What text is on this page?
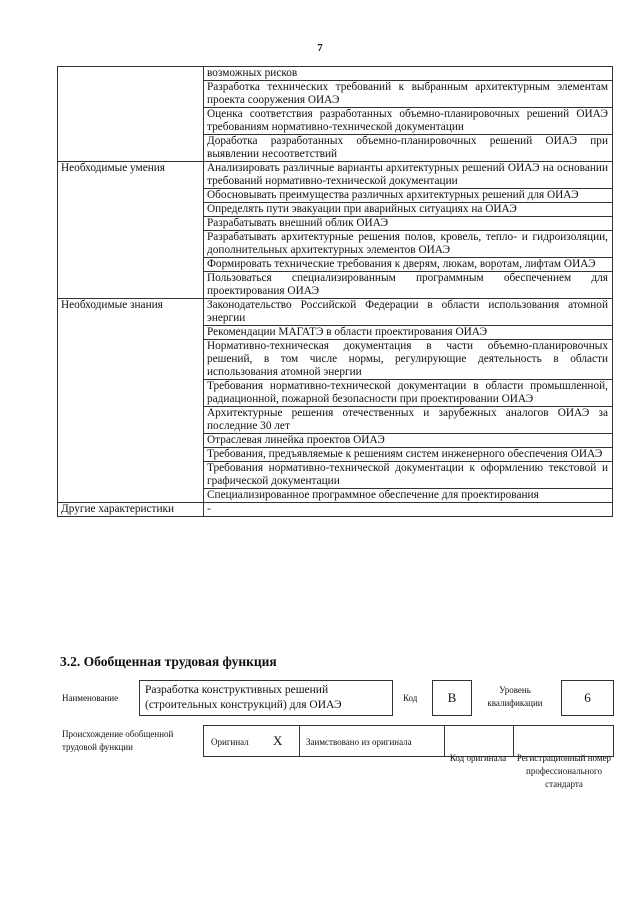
7
	возможных рисков
	Разработка технических требований к выбранным архитектурным элементам проекта сооружения ОИАЭ
	Оценка соответствия разработанных объемно-планировочных решений ОИАЭ требованиям нормативно-технической документации
	Доработка разработанных объемно-планировочных решений ОИАЭ при выявлении несоответствий
Необходимые умения	Анализировать различные варианты архитектурных решений ОИАЭ на основании требований нормативно-технической документации
	Обосновывать преимущества различных архитектурных решений для ОИАЭ
	Определять пути эвакуации при аварийных ситуациях на ОИАЭ
	Разрабатывать внешний облик ОИАЭ
	Разрабатывать архитектурные решения полов, кровель, тепло- и гидроизоляции, дополнительных архитектурных элементов ОИАЭ
	Формировать технические требования к дверям, люкам, воротам, лифтам ОИАЭ
	Пользоваться специализированным программным обеспечением для проектирования ОИАЭ
Необходимые знания	Законодательство Российской Федерации в области использования атомной энергии
	Рекомендации МАГАТЭ в области проектирования ОИАЭ
	Нормативно-техническая документация в части объемно-планировочных решений, в том числе нормы, регулирующие деятельность в области использования атомной энергии
	Требования нормативно-технической документации в области промышленной, радиационной, пожарной безопасности при проектировании ОИАЭ
	Архитектурные решения отечественных и зарубежных аналогов ОИАЭ за последние 30 лет
	Отраслевая линейка проектов ОИАЭ
	Требования, предъявляемые к решениям систем инженерного обеспечения ОИАЭ
	Требования нормативно-технической документации к оформлению текстовой и графической документации
	Специализированное программное обеспечение для проектирования
Другие характеристики	-
3.2. Обобщенная трудовая функция
Наименование
Разработка конструктивных решений (строительных конструкций) для ОИАЭ
Код	B	Уровень квалификации	6
Происхождение обобщенной трудовой функции	Оригинал X	Заимствовано из оригинала
Код оригинала	Регистрационный номер профессионального стандарта
